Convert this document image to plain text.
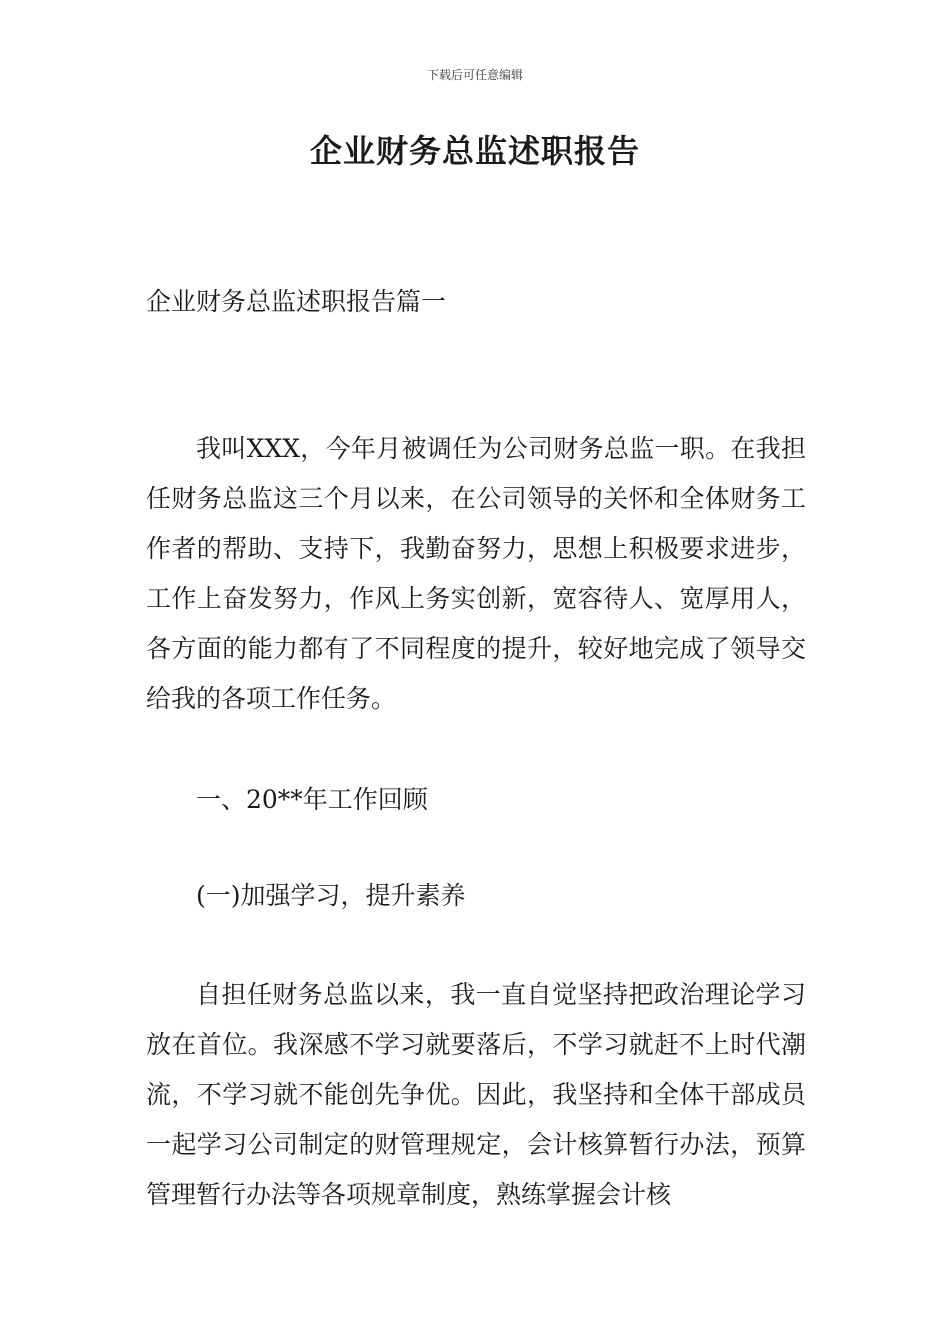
下载后可任意编辑
企业财务总监述职报告
企业财务总监述职报告篇一

我叫XXX，今年月被调任为公司财务总监一职。在我担任财务总监这三个月以来，在公司领导的关怀和全体财务工作者的帮助、支持下，我勤奋努力，思想上积极要求进步，工作上奋发努力，作风上务实创新，宽容待人、宽厚用人，各方面的能力都有了不同程度的提升，较好地完成了领导交给我的各项工作任务。

一、20**年工作回顾
(一)加强学习，提升素养

自担任财务总监以来，我一直自觉坚持把政治理论学习放在首位。我深感不学习就要落后，不学习就赶不上时代潮流，不学习就不能创先争优。因此，我坚持和全体干部成员一起学习公司制定的财管理规定，会计核算暂行办法，预算管理暂行办法等各项规章制度，熟练掌握会计核
